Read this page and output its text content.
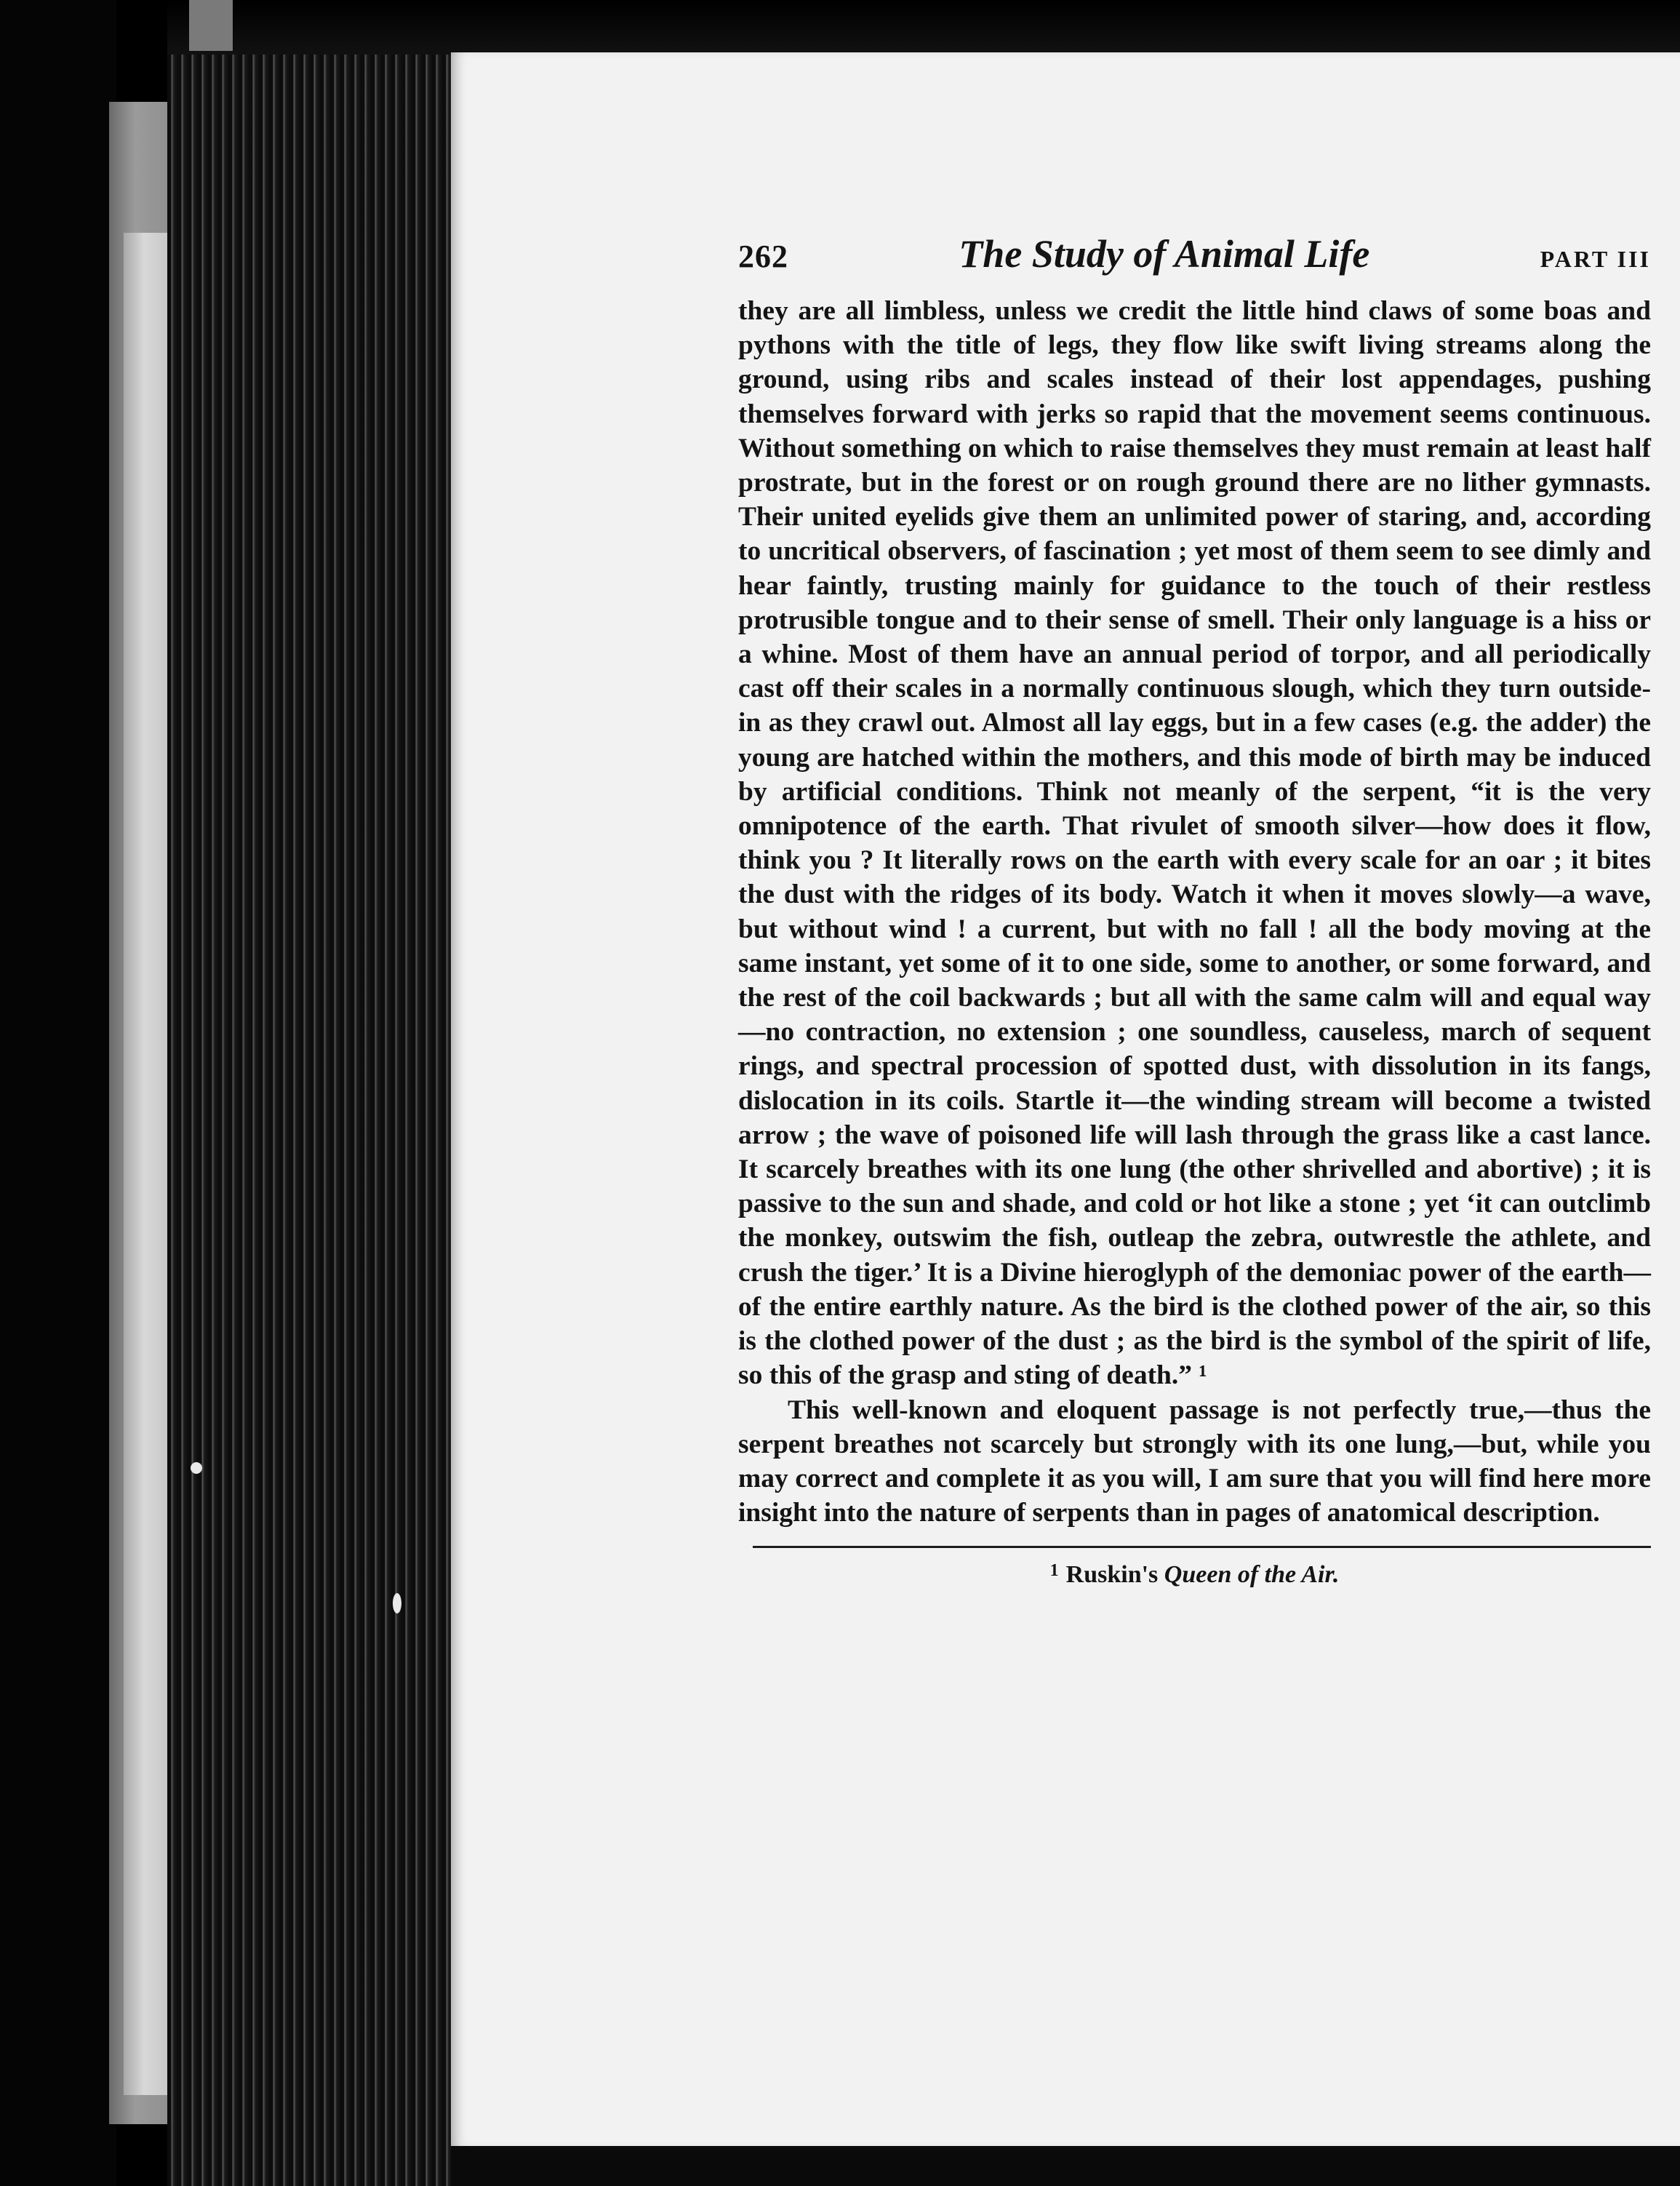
262	The Study of Animal Life	PART III

they are all limbless, unless we credit the little hind claws of some boas and pythons with the title of legs, they flow like swift living streams along the ground, using ribs and scales instead of their lost appendages, pushing themselves forward with jerks so rapid that the movement seems continuous. Without something on which to raise themselves they must remain at least half prostrate, but in the forest or on rough ground there are no lither gymnasts. Their united eyelids give them an unlimited power of staring, and, according to uncritical observers, of fascination ; yet most of them seem to see dimly and hear faintly, trusting mainly for guidance to the touch of their restless protrusible tongue and to their sense of smell. Their only language is a hiss or a whine. Most of them have an annual period of torpor, and all periodically cast off their scales in a normally continuous slough, which they turn outside-in as they crawl out. Almost all lay eggs, but in a few cases (e.g. the adder) the young are hatched within the mothers, and this mode of birth may be induced by artificial conditions. Think not meanly of the serpent, “it is the very omnipotence of the earth. That rivulet of smooth silver—how does it flow, think you ? It literally rows on the earth with every scale for an oar ; it bites the dust with the ridges of its body. Watch it when it moves slowly—a wave, but without wind ! a current, but with no fall ! all the body moving at the same instant, yet some of it to one side, some to another, or some forward, and the rest of the coil backwards ; but all with the same calm will and equal way—no contraction, no extension ; one soundless, causeless, march of sequent rings, and spectral procession of spotted dust, with dissolution in its fangs, dislocation in its coils. Startle it—the winding stream will become a twisted arrow ; the wave of poisoned life will lash through the grass like a cast lance. It scarcely breathes with its one lung (the other shrivelled and abortive) ; it is passive to the sun and shade, and cold or hot like a stone ; yet ‘it can outclimb the monkey, outswim the fish, outleap the zebra, outwrestle the athlete, and crush the tiger.’ It is a Divine hieroglyph of the demoniac power of the earth—of the entire earthly nature. As the bird is the clothed power of the air, so this is the clothed power of the dust ; as the bird is the symbol of the spirit of life, so this of the grasp and sting of death.” ¹

This well-known and eloquent passage is not perfectly true,—thus the serpent breathes not scarcely but strongly with its one lung,—but, while you may correct and complete it as you will, I am sure that you will find here more insight into the nature of serpents than in pages of anatomical description.

$^1$ Ruskin's Queen of the Air.
